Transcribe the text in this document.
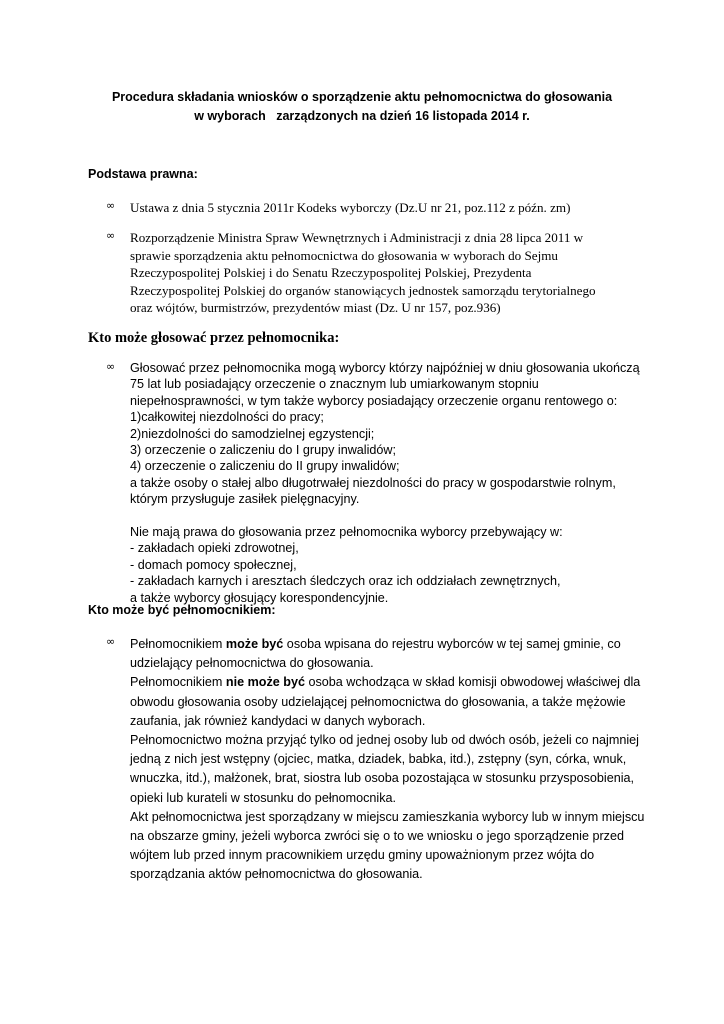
Procedura składania wniosków o sporządzenie aktu pełnomocnictwa do głosowania
w wyborach   zarządzonych na dzień 16 listopada 2014 r.
Podstawa prawna:
∞ Ustawa z dnia 5 stycznia 2011r Kodeks wyborczy (Dz.U nr 21, poz.112 z późn. zm)
∞ Rozporządzenie Ministra Spraw Wewnętrznych i Administracji z dnia 28 lipca 2011 w
sprawie sporządzenia aktu pełnomocnictwa do głosowania w wyborach do Sejmu
Rzeczypospolitej Polskiej i do Senatu Rzeczypospolitej Polskiej, Prezydenta
Rzeczypospolitej Polskiej do organów stanowiących jednostek samorządu terytorialnego
oraz wójtów, burmistrzów, prezydentów miast (Dz. U nr 157, poz.936)
Kto może głosować przez pełnomocnika:
∞ Głosować przez pełnomocnika mogą wyborcy którzy najpóźniej w dniu głosowania ukończą
75 lat lub posiadający orzeczenie o znacznym lub umiarkowanym stopniu
niepełnosprawności, w tym także wyborcy posiadający orzeczenie organu rentowego o:
1)całkowitej niezdolności do pracy;
2)niezdolności do samodzielnej egzystencji;
3) orzeczenie o zaliczeniu do I grupy inwalidów;
4) orzeczenie o zaliczeniu do II grupy inwalidów;
a także osoby o stałej albo długotrwałej niezdolności do pracy w gospodarstwie rolnym,
którym przysługuje zasiłek pielęgnacyjny.
Nie mają prawa do głosowania przez pełnomocnika wyborcy przebywający w:
- zakładach opieki zdrowotnej,
- domach pomocy społecznej,
- zakładach karnych i aresztach śledczych oraz ich oddziałach zewnętrznych,
a także wyborcy głosujący korespondencyjnie.
Kto może być pełnomocnikiem:
∞ Pełnomocnikiem może być osoba wpisana do rejestru wyborców w tej samej gminie, co
udzielający pełnomocnictwa do głosowania.
Pełnomocnikiem nie może być osoba wchodząca w skład komisji obwodowej właściwej dla
obwodu głosowania osoby udzielającej pełnomocnictwa do głosowania, a także mężowie
zaufania, jak również kandydaci w danych wyborach.
Pełnomocnictwo można przyjąć tylko od jednej osoby lub od dwóch osób, jeżeli co najmniej
jedną z nich jest wstępny (ojciec, matka, dziadek, babka, itd.), zstępny (syn, córka, wnuk,
wnuczka, itd.), małżonek, brat, siostra lub osoba pozostająca w stosunku przysposobienia,
opieki lub kurateli w stosunku do pełnomocnika.
Akt pełnomocnictwa jest sporządzany w miejscu zamieszkania wyborcy lub w innym miejscu
na obszarze gminy, jeżeli wyborca zwróci się o to we wniosku o jego sporządzenie przed
wójtem lub przed innym pracownikiem urzędu gminy upoważnionym przez wójta do
sporządzania aktów pełnomocnictwa do głosowania.
